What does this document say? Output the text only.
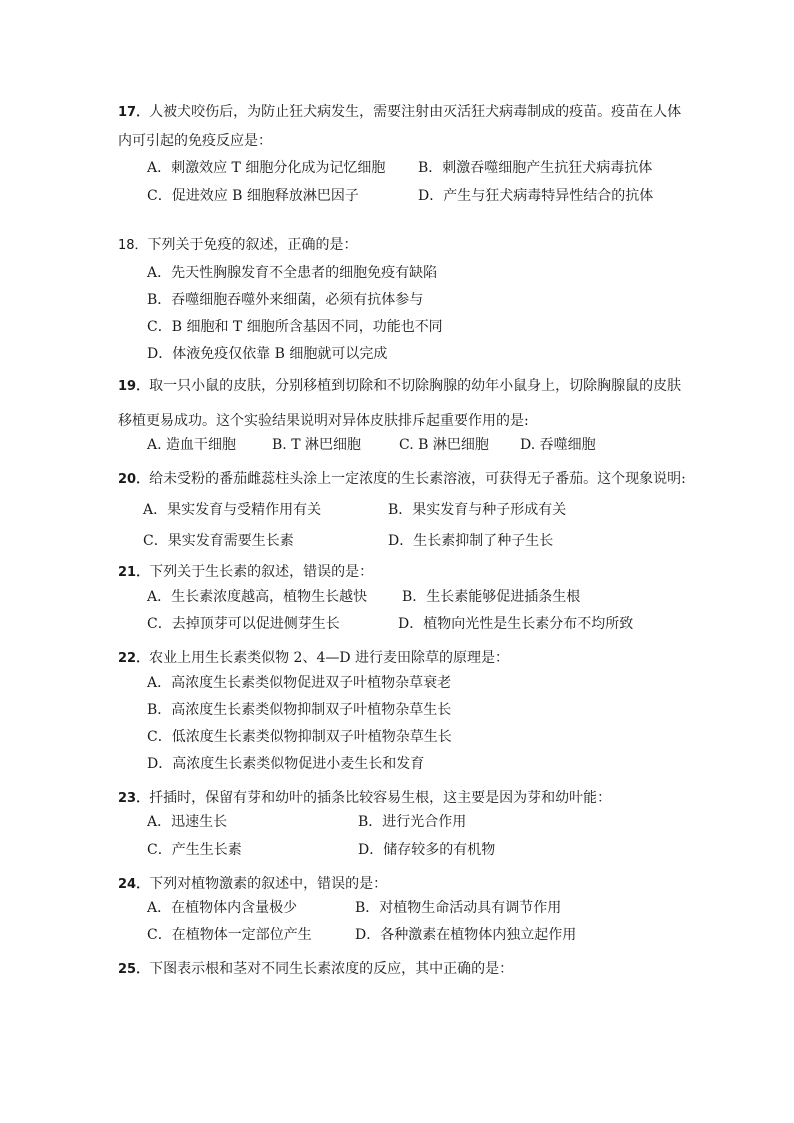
17．人被犬咬伤后，为防止狂犬病发生，需要注射由灭活狂犬病毒制成的疫苗。疫苗在人体
内可引起的免疫反应是：
A．刺激效应 T 细胞分化成为记忆细胞 B．刺激吞噬细胞产生抗狂犬病毒抗体
C．促进效应 B 细胞释放淋巴因子	D．产生与狂犬病毒特异性结合的抗体
18．下列关于免疫的叙述，正确的是：
A．先天性胸腺发育不全患者的细胞免疫有缺陷
B．吞噬细胞吞噬外来细菌，必须有抗体参与
C．B 细胞和 T 细胞所含基因不同，功能也不同
D．体液免疫仅依靠 B 细胞就可以完成
19．取一只小鼠的皮肤，分别移植到切除和不切除胸腺的幼年小鼠身上，切除胸腺鼠的皮肤
移植更易成功。这个实验结果说明对异体皮肤排斥起重要作用的是:
A. 造血干细胞	B. T 淋巴细胞	C. B 淋巴细胞 D. 吞噬细胞
20．给未受粉的番茄雌蕊柱头涂上一定浓度的生长素溶液，可获得无子番茄。这个现象说明:
A．果实发育与受精作用有关	B．果实发育与种子形成有关
C．果实发育需要生长素	D．生长素抑制了种子生长
21．下列关于生长素的叙述，错误的是：
A．生长素浓度越高，植物生长越快 B．生长素能够促进插条生根
C．去掉顶芽可以促进侧芽生长	D．植物向光性是生长素分布不均所致
22．农业上用生长素类似物 2、4—D 进行麦田除草的原理是：
A．高浓度生长素类似物促进双子叶植物杂草衰老
B．高浓度生长素类似物抑制双子叶植物杂草生长
C．低浓度生长素类似物抑制双子叶植物杂草生长
D．高浓度生长素类似物促进小麦生长和发育
23．扦插时，保留有芽和幼叶的插条比较容易生根，这主要是因为芽和幼叶能：
A．迅速生长	B．进行光合作用
C．产生生长素	D．储存较多的有机物
24．下列对植物激素的叙述中，错误的是：
A．在植物体内含量极少	B．对植物生命活动具有调节作用
C．在植物体一定部位产生	D．各种激素在植物体内独立起作用
25．下图表示根和茎对不同生长素浓度的反应，其中正确的是：
